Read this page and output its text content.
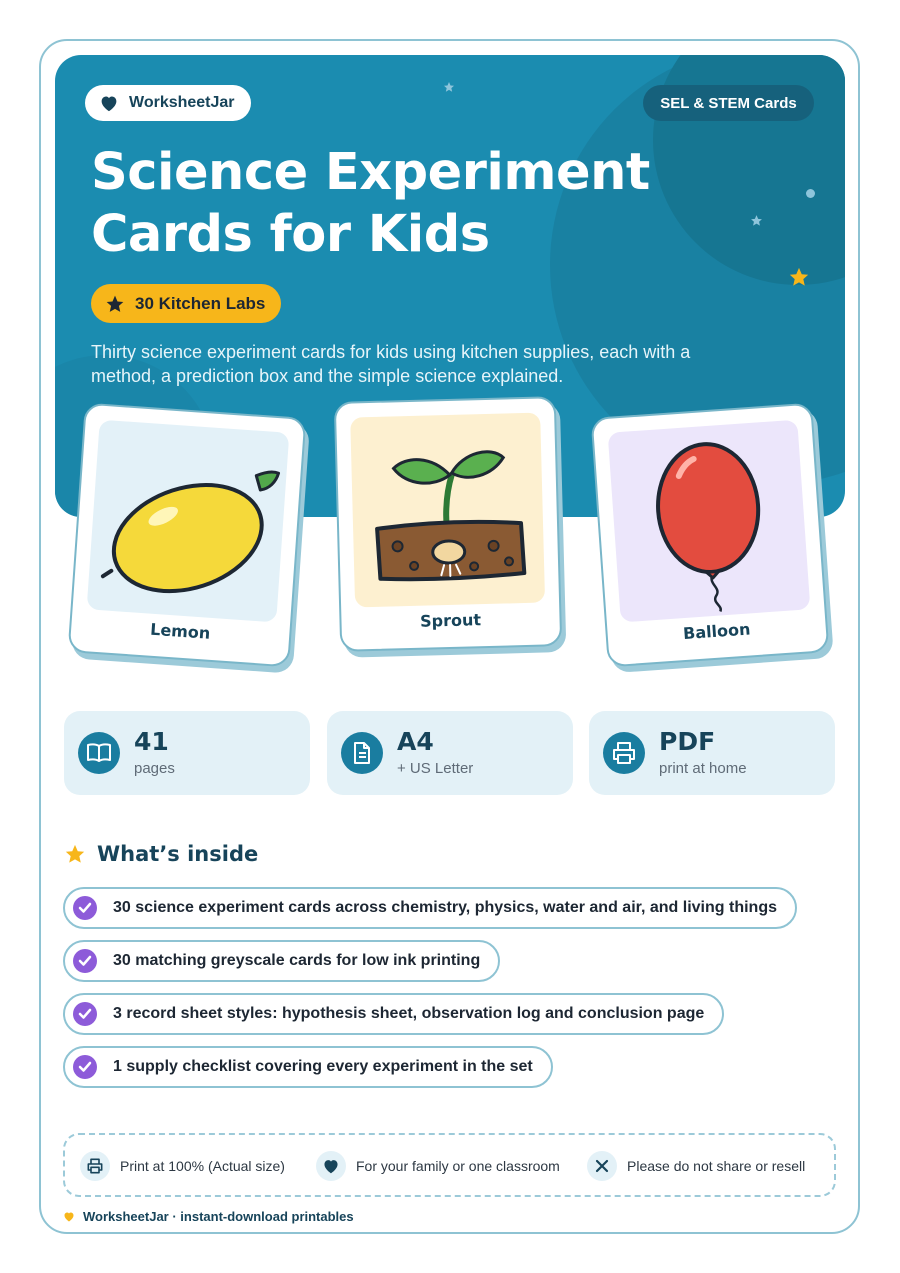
WorksheetJar	SEL & STEM Cards
Science Experiment
Cards for Kids
30 Kitchen Labs

Thirty science experiment cards for kids using kitchen supplies, each with a method, a prediction box and the simple science explained.

Lemon	Sprout	Balloon
41
pages
A4
+ US Letter
PDF
print at home
What’s inside
30 science experiment cards across chemistry, physics, water and air, and living things
30 matching greyscale cards for low ink printing
3 record sheet styles: hypothesis sheet, observation log and conclusion page
1 supply checklist covering every experiment in the set
Print at 100% (Actual size)	For your family or one classroom	Please do not share or resell
WorksheetJar · instant-download printables
